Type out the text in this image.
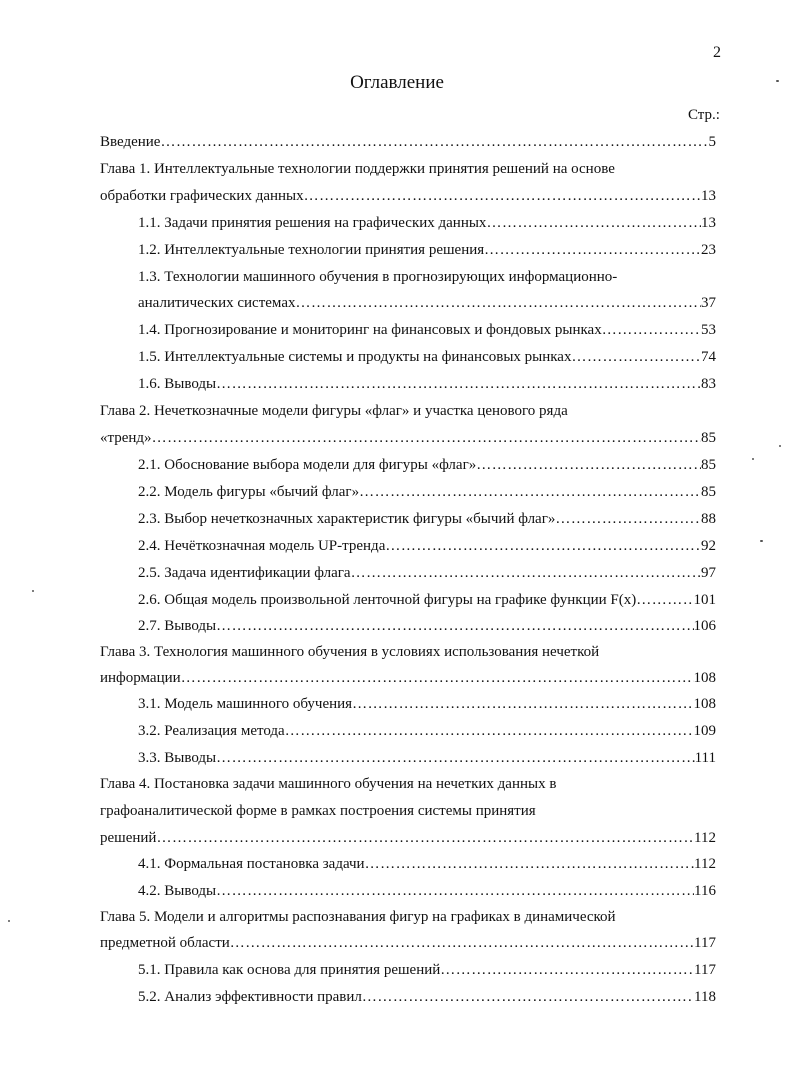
2
Оглавление
Стр.:
Введение …………………………………………………………………………………………………………………………………………………………………………………………………………………………………	5
Глава 1. Интеллектуальные технологии поддержки принятия решений на основе
обработки графических данных …………………………………………………………………………………………………………………………………………………………………………………………………………………………………	13
1.1. Задачи принятия решения на графических данных …………………………………………………………………………………………………………………………………………………………………………………………………………………………………	13
1.2. Интеллектуальные технологии принятия решения …………………………………………………………………………………………………………………………………………………………………………………………………………………………………	23
1.3. Технологии машинного обучения в прогнозирующих информационно-
аналитических системах …………………………………………………………………………………………………………………………………………………………………………………………………………………………………	37
1.4. Прогнозирование и мониторинг на финансовых и фондовых рынках …………………………………………………………………………………………………………………………………………………………………………………………………………………………………	53
1.5. Интеллектуальные системы и продукты на финансовых рынках …………………………………………………………………………………………………………………………………………………………………………………………………………………………………	74
1.6. Выводы …………………………………………………………………………………………………………………………………………………………………………………………………………………………………	83
Глава 2. Нечеткозначные модели фигуры «флаг» и участка ценового ряда
«тренд» …………………………………………………………………………………………………………………………………………………………………………………………………………………………………	85
2.1. Обоснование выбора модели для фигуры «флаг» …………………………………………………………………………………………………………………………………………………………………………………………………………………………………	85
2.2. Модель фигуры «бычий флаг» …………………………………………………………………………………………………………………………………………………………………………………………………………………………………	85
2.3. Выбор нечеткозначных характеристик фигуры «бычий флаг» …………………………………………………………………………………………………………………………………………………………………………………………………………………………………	88
2.4. Нечёткозначная модель UP-тренда …………………………………………………………………………………………………………………………………………………………………………………………………………………………………	92
2.5. Задача идентификации флага …………………………………………………………………………………………………………………………………………………………………………………………………………………………………	97
2.6. Общая модель произвольной ленточной фигуры на графике функции F(x) …………………………………………………………………………………………………………………………………………………………………………………………………………………………………	101
2.7. Выводы …………………………………………………………………………………………………………………………………………………………………………………………………………………………………	106
Глава 3. Технология машинного обучения в условиях использования нечеткой
информации …………………………………………………………………………………………………………………………………………………………………………………………………………………………………	108
3.1. Модель машинного обучения …………………………………………………………………………………………………………………………………………………………………………………………………………………………………	108
3.2. Реализация метода …………………………………………………………………………………………………………………………………………………………………………………………………………………………………	109
3.3. Выводы …………………………………………………………………………………………………………………………………………………………………………………………………………………………………	111
Глава 4. Постановка задачи машинного обучения на нечетких данных в
графоаналитической форме в рамках построения системы принятия
решений …………………………………………………………………………………………………………………………………………………………………………………………………………………………………	112
4.1. Формальная постановка задачи …………………………………………………………………………………………………………………………………………………………………………………………………………………………………	112
4.2. Выводы …………………………………………………………………………………………………………………………………………………………………………………………………………………………………	116
Глава 5. Модели и алгоритмы распознавания фигур на графиках в динамической
предметной области …………………………………………………………………………………………………………………………………………………………………………………………………………………………………	117
5.1. Правила как основа для принятия решений …………………………………………………………………………………………………………………………………………………………………………………………………………………………………	117
5.2. Анализ эффективности правил …………………………………………………………………………………………………………………………………………………………………………………………………………………………………	118
